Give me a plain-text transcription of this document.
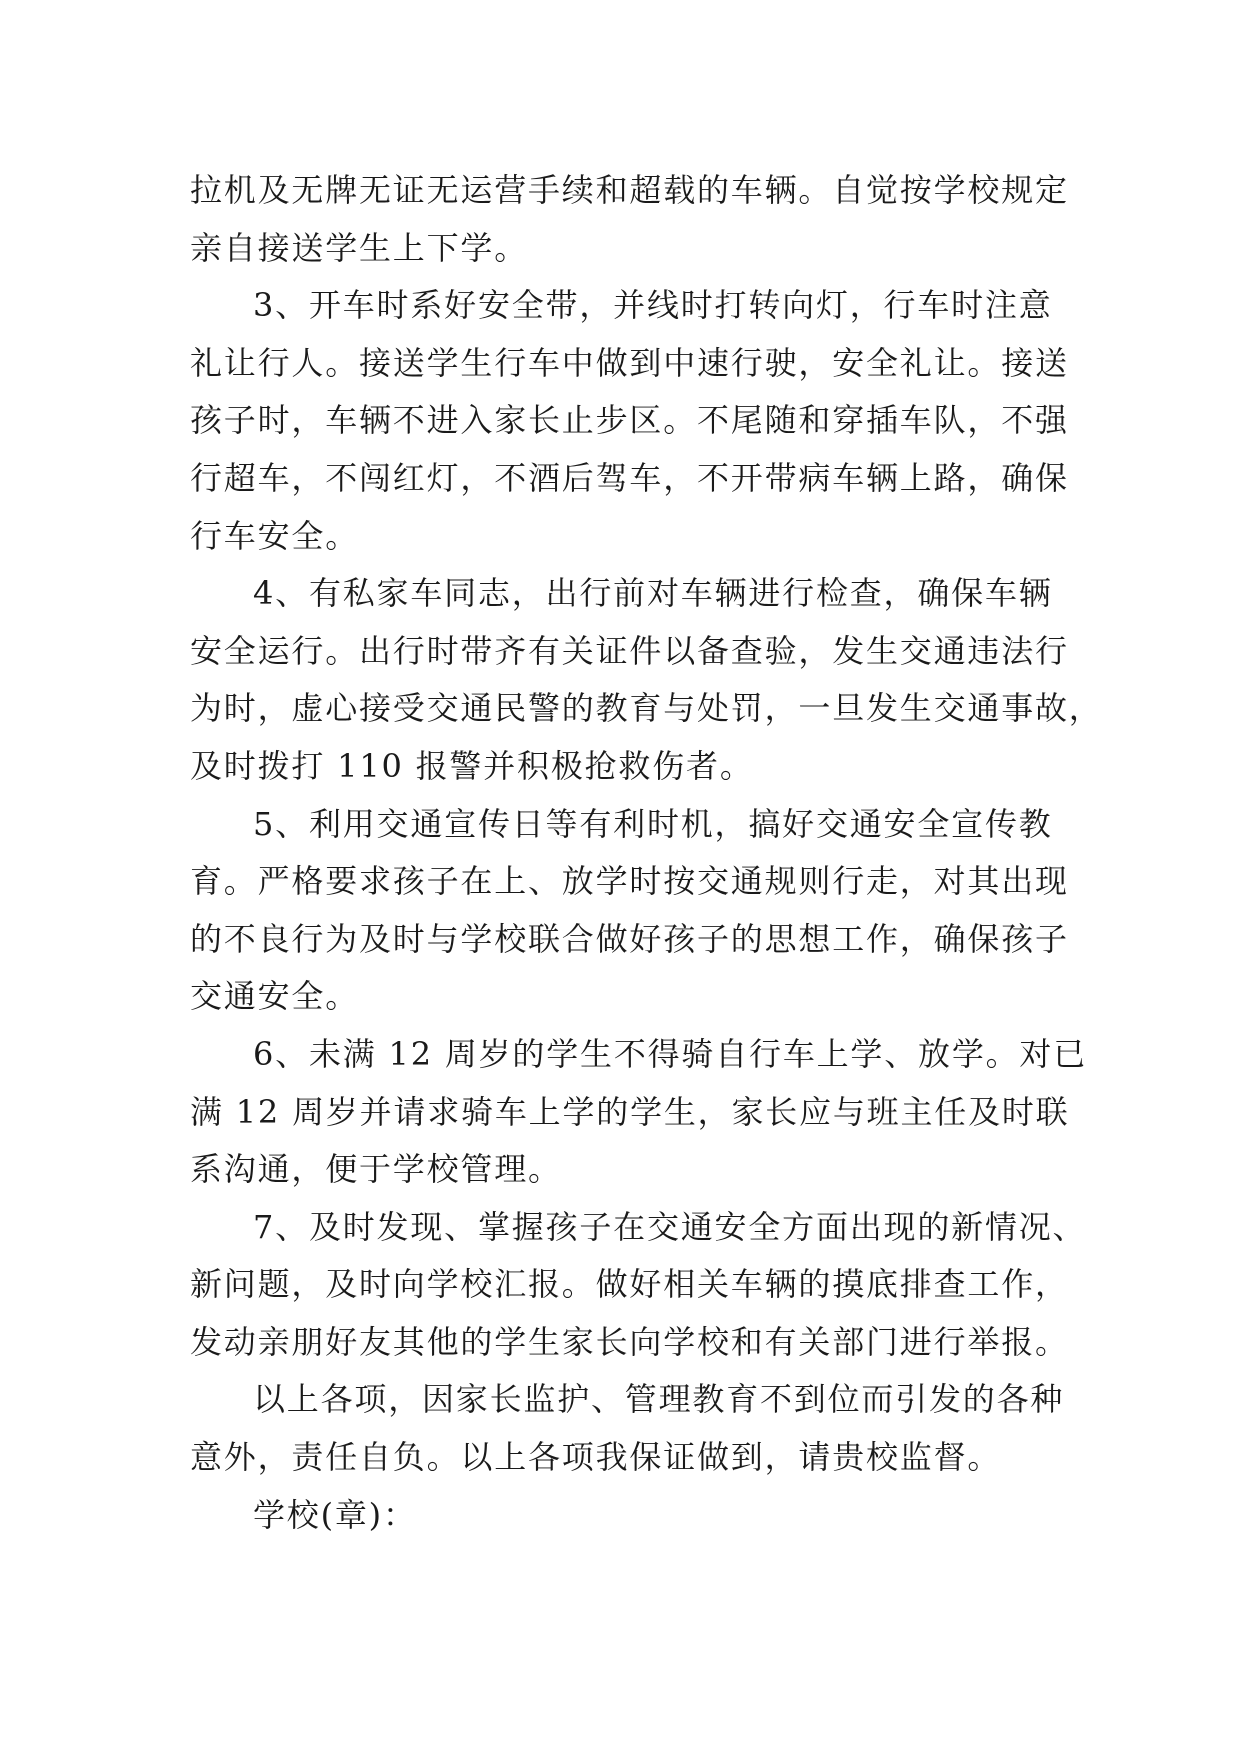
拉机及无牌无证无运营手续和超载的车辆。自觉按学校规定
亲自接送学生上下学。
3、开车时系好安全带，并线时打转向灯，行车时注意
礼让行人。接送学生行车中做到中速行驶，安全礼让。接送
孩子时，车辆不进入家长止步区。不尾随和穿插车队，不强
行超车，不闯红灯，不酒后驾车，不开带病车辆上路，确保
行车安全。
4、有私家车同志，出行前对车辆进行检查，确保车辆
安全运行。出行时带齐有关证件以备查验，发生交通违法行
为时，虚心接受交通民警的教育与处罚，一旦发生交通事故，
及时拨打 110 报警并积极抢救伤者。
5、利用交通宣传日等有利时机，搞好交通安全宣传教
育。严格要求孩子在上、放学时按交通规则行走，对其出现
的不良行为及时与学校联合做好孩子的思想工作，确保孩子
交通安全。
6、未满 12 周岁的学生不得骑自行车上学、放学。对已
满 12 周岁并请求骑车上学的学生，家长应与班主任及时联
系沟通，便于学校管理。
7、及时发现、掌握孩子在交通安全方面出现的新情况、
新问题，及时向学校汇报。做好相关车辆的摸底排查工作，
发动亲朋好友其他的学生家长向学校和有关部门进行举报。
以上各项，因家长监护、管理教育不到位而引发的各种
意外，责任自负。以上各项我保证做到，请贵校监督。
学校(章)：
